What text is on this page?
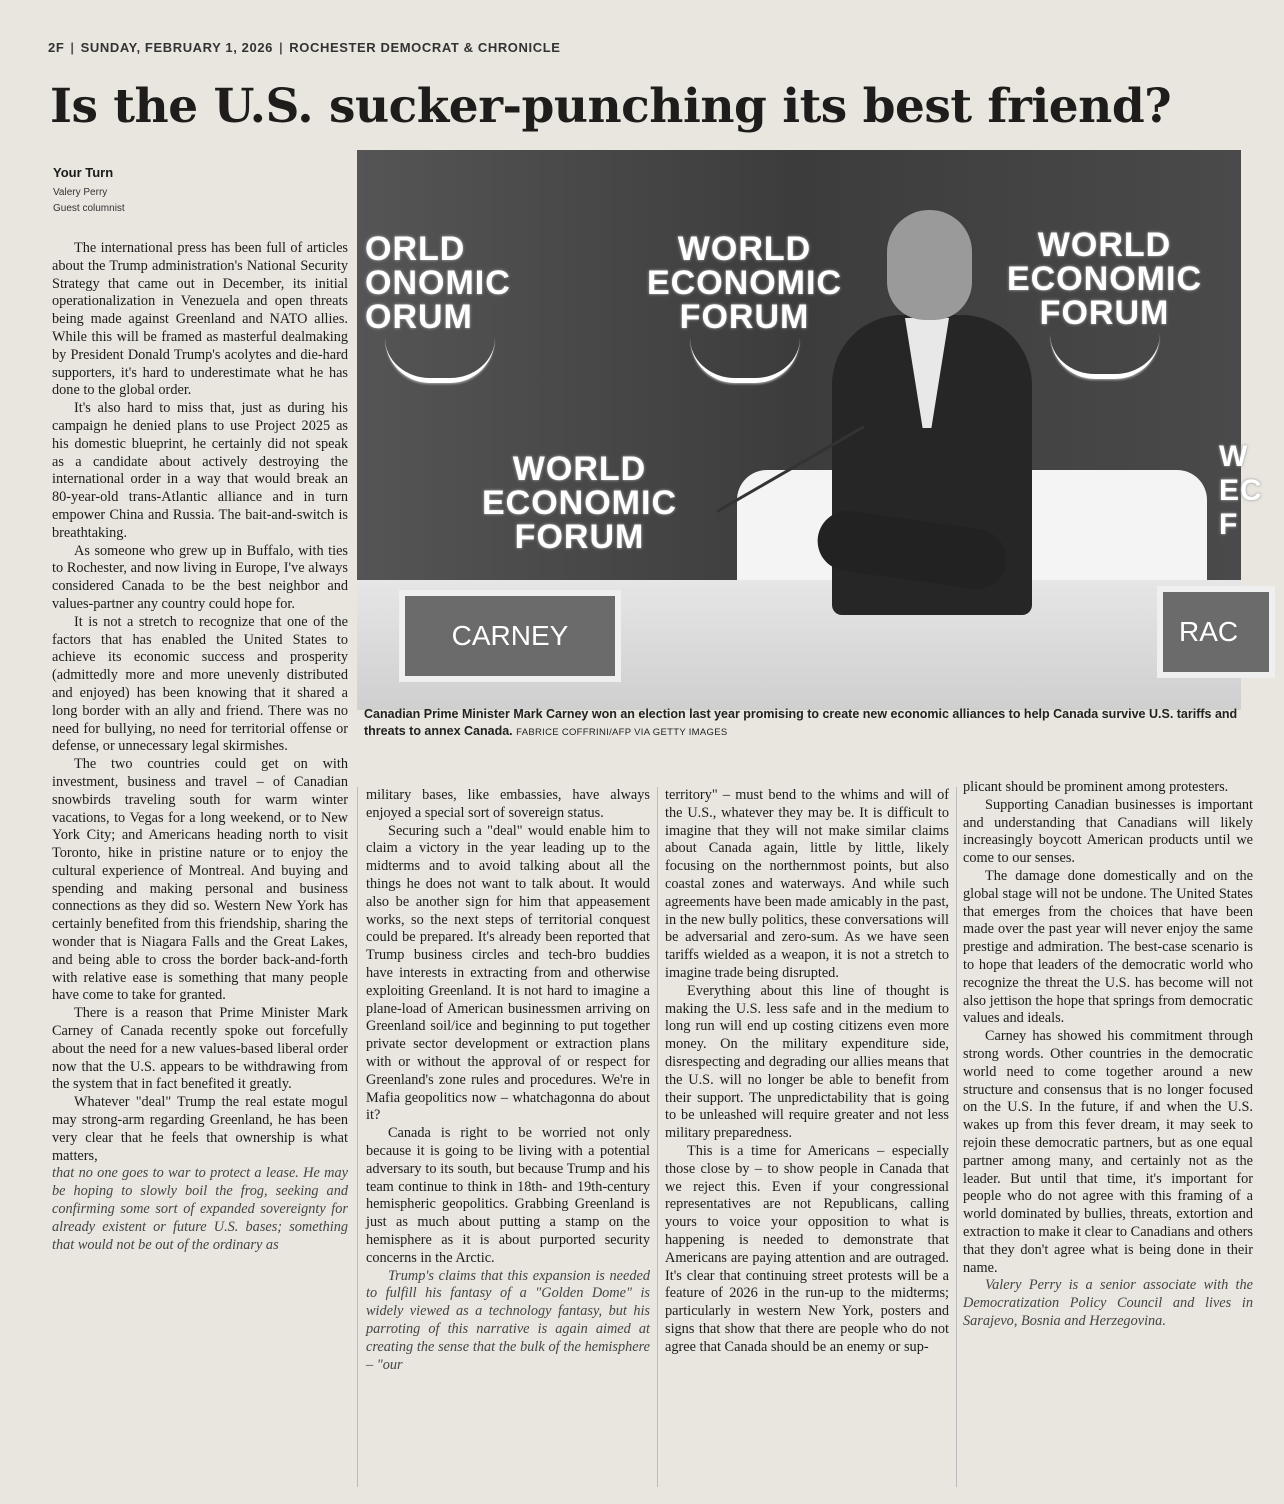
2F | SUNDAY, FEBRUARY 1, 2026 | ROCHESTER DEMOCRAT & CHRONICLE
Is the U.S. sucker-punching its best friend?
Your Turn
Valery Perry
Guest columnist
ORLD
ONOMIC
ORUM
WORLD
ECONOMIC
FORUM
WORLD
ECONOMIC
FORUM
WORLD
ECONOMIC
FORUM
W
EC
F
CARNEY	RAC
Canadian Prime Minister Mark Carney won an election last year promising to create new economic alliances to help Canada survive U.S. tariffs and threats to annex Canada. FABRICE COFFRINI/AFP VIA GETTY IMAGES

The international press has been full of articles about the Trump administration's National Security Strategy that came out in December, its initial operationalization in Venezuela and open threats being made against Greenland and NATO allies. While this will be framed as masterful dealmaking by President Donald Trump's acolytes and die-hard supporters, it's hard to underestimate what he has done to the global order.

It's also hard to miss that, just as during his campaign he denied plans to use Project 2025 as his domestic blueprint, he certainly did not speak as a candidate about actively destroying the international order in a way that would break an 80-year-old trans-Atlantic alliance and in turn empower China and Russia. The bait-and-switch is breathtaking.

As someone who grew up in Buffalo, with ties to Rochester, and now living in Europe, I've always considered Canada to be the best neighbor and values-partner any country could hope for.

It is not a stretch to recognize that one of the factors that has enabled the United States to achieve its economic success and prosperity (admittedly more and more unevenly distributed and enjoyed) has been knowing that it shared a long border with an ally and friend. There was no need for bullying, no need for territorial offense or defense, or unnecessary legal skirmishes.

The two countries could get on with investment, business and travel – of Canadian snowbirds traveling south for warm winter vacations, to Vegas for a long weekend, or to New York City; and Americans heading north to visit Toronto, hike in pristine nature or to enjoy the cultural experience of Montreal. And buying and spending and making personal and business connections as they did so. Western New York has certainly benefited from this friendship, sharing the wonder that is Niagara Falls and the Great Lakes, and being able to cross the border back-and-forth with relative ease is something that many people have come to take for granted.

There is a reason that Prime Minister Mark Carney of Canada recently spoke out forcefully about the need for a new values-based liberal order now that the U.S. appears to be withdrawing from the system that in fact benefited it greatly.

Whatever "deal" Trump the real estate mogul may strong-arm regarding Greenland, he has been very clear that he feels that ownership is what matters,

that no one goes to war to protect a lease. He may be hoping to slowly boil the frog, seeking and confirming some sort of expanded sovereignty for already existent or future U.S. bases; something that would not be out of the ordinary as

military bases, like embassies, have always enjoyed a special sort of sovereign status.

Securing such a "deal" would enable him to claim a victory in the year leading up to the midterms and to avoid talking about all the things he does not want to talk about. It would also be another sign for him that appeasement works, so the next steps of territorial conquest could be prepared. It's already been reported that Trump business circles and tech-bro buddies have interests in extracting from and otherwise exploiting Greenland. It is not hard to imagine a plane-load of American businessmen arriving on Greenland soil/ice and beginning to put together private sector development or extraction plans with or without the approval of or respect for Greenland's zone rules and procedures. We're in Mafia geopolitics now – whatchagonna do about it?

Canada is right to be worried not only because it is going to be living with a potential adversary to its south, but because Trump and his team continue to think in 18th- and 19th-century hemispheric geopolitics. Grabbing Greenland is just as much about putting a stamp on the hemisphere as it is about purported security concerns in the Arctic.

Trump's claims that this expansion is needed to fulfill his fantasy of a "Golden Dome" is widely viewed as a technology fantasy, but his parroting of this narrative is again aimed at creating the sense that the bulk of the hemisphere – "our

territory" – must bend to the whims and will of the U.S., whatever they may be. It is difficult to imagine that they will not make similar claims about Canada again, little by little, likely focusing on the northernmost points, but also coastal zones and waterways. And while such agreements have been made amicably in the past, in the new bully politics, these conversations will be adversarial and zero-sum. As we have seen tariffs wielded as a weapon, it is not a stretch to imagine trade being disrupted.

Everything about this line of thought is making the U.S. less safe and in the medium to long run will end up costing citizens even more money. On the military expenditure side, disrespecting and degrading our allies means that the U.S. will no longer be able to benefit from their support. The unpredictability that is going to be unleashed will require greater and not less military preparedness.

This is a time for Americans – especially those close by – to show people in Canada that we reject this. Even if your congressional representatives are not Republicans, calling yours to voice your opposition to what is happening is needed to demonstrate that Americans are paying attention and are outraged. It's clear that continuing street protests will be a feature of 2026 in the run-up to the midterms; particularly in western New York, posters and signs that show that there are people who do not agree that Canada should be an enemy or sup-

plicant should be prominent among protesters.

Supporting Canadian businesses is important and understanding that Canadians will likely increasingly boycott American products until we come to our senses.

The damage done domestically and on the global stage will not be undone. The United States that emerges from the choices that have been made over the past year will never enjoy the same prestige and admiration. The best-case scenario is to hope that leaders of the democratic world who recognize the threat the U.S. has become will not also jettison the hope that springs from democratic values and ideals.

Carney has showed his commitment through strong words. Other countries in the democratic world need to come together around a new structure and consensus that is no longer focused on the U.S. In the future, if and when the U.S. wakes up from this fever dream, it may seek to rejoin these democratic partners, but as one equal partner among many, and certainly not as the leader. But until that time, it's important for people who do not agree with this framing of a world dominated by bullies, threats, extortion and extraction to make it clear to Canadians and others that they don't agree what is being done in their name.

Valery Perry is a senior associate with the Democratization Policy Council and lives in Sarajevo, Bosnia and Herzegovina.
